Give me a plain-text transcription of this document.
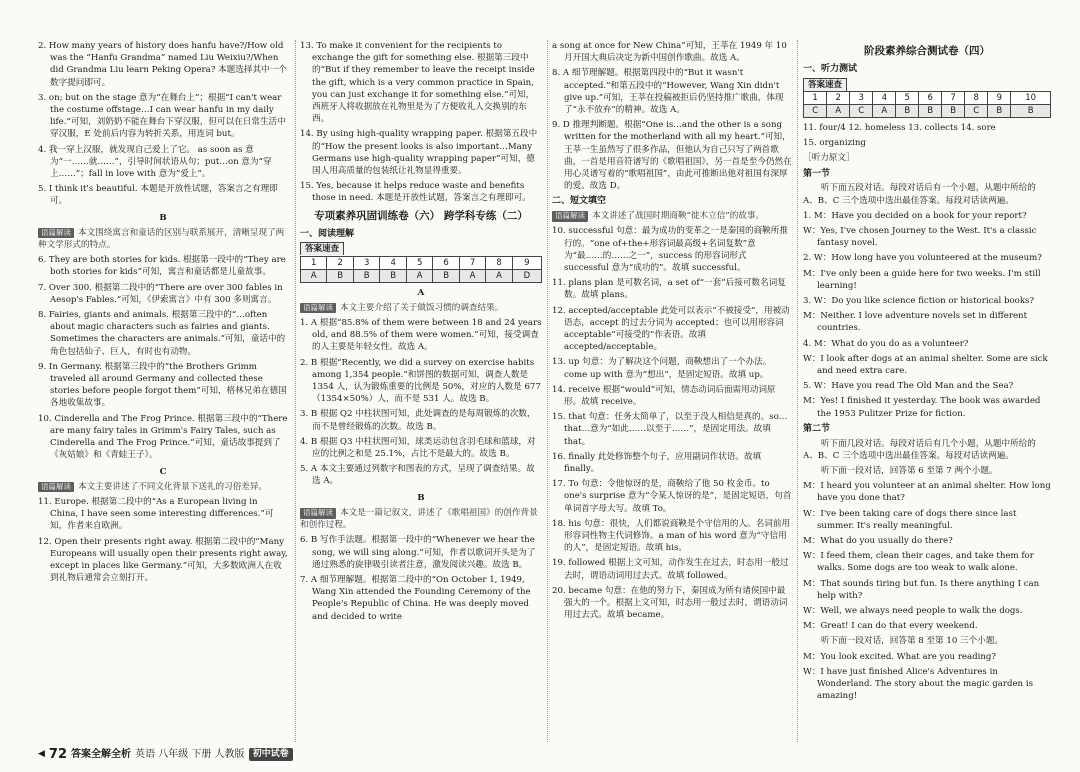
2. How many years of history does hanfu have?/How old was the “Hanfu Grandma” named Liu Weixiu?/When did Grandma Liu learn Peking Opera? 本题选择其中一个数字提问即可。

3. on; but on the stage 意为“在舞台上”；根据“I can't wear the costume offstage…I can wear hanfu in my daily life.”可知，刘奶奶不能在舞台下穿汉服，但可以在日常生活中穿汉服，E 处前后内容为转折关系，用连词 but。

4. 我一穿上汉服，就发现自己爱上了它。 as soon as 意为“一……就……”，引导时间状语从句；put…on 意为“穿上……”；fall in love with 意为“爱上”。

5. I think it's beautiful. 本题是开放性试题，答案言之有理即可。

B

语篇解读 本文围绕寓言和童话的区别与联系展开，清晰呈现了两种文学形式的特点。

6. They are both stories for kids. 根据第一段中的“They are both stories for kids”可知，寓言和童话都是儿童故事。

7. Over 300. 根据第二段中的“There are over 300 fables in Aesop's Fables.”可知，《伊索寓言》中有 300 多则寓言。

8. Fairies, giants and animals. 根据第三段中的“…often about magic characters such as fairies and giants. Sometimes the characters are animals.”可知，童话中的角色包括仙子、巨人，有时也有动物。

9. In Germany. 根据第三段中的“the Brothers Grimm traveled all around Germany and collected these stories before people forgot them”可知，格林兄弟在德国各地收集故事。

10. Cinderella and The Frog Prince. 根据第三段中的“There are many fairy tales in Grimm's Fairy Tales, such as Cinderella and The Frog Prince.”可知，童话故事提到了《灰姑娘》和《青蛙王子》。

C

语篇解读 本文主要讲述了不同文化背景下送礼的习俗差异。

11. Europe. 根据第二段中的“As a European living in China, I have seen some interesting differences.”可知，作者来自欧洲。

12. Open their presents right away. 根据第二段中的“Many Europeans will usually open their presents right away, except in places like Germany.”可知，大多数欧洲人在收到礼物后通常会立刻打开。

13. To make it convenient for the recipients to exchange the gift for something else. 根据第三段中的“But if they remember to leave the receipt inside the gift, which is a very common practice in Spain, you can just exchange it for something else.”可知，西班牙人将收据放在礼物里是为了方便收礼人交换别的东西。

14. By using high-quality wrapping paper. 根据第五段中的“How the present looks is also important…Many Germans use high-quality wrapping paper”可知，德国人用高质量的包装纸让礼物显得重要。

15. Yes, because it helps reduce waste and benefits those in need. 本题是开放性试题，答案言之有理即可。

专项素养巩固训练卷（六） 跨学科专练（二）
一、阅读理解
答案速查
1	2	3	4	5	6	7	8	9
A	B	B	B	A	B	A	A	D
A

语篇解读 本文主要介绍了关于做饭习惯的调查结果。

1. A 根据“85.8% of them were between 18 and 24 years old, and 88.5% of them were women.”可知，接受调查的人主要是年轻女性。故选 A。

2. B 根据“Recently, we did a survey on exercise habits among 1,354 people.”和饼图的数据可知，调查人数是 1354 人，认为锻炼重要的比例是 50%，对应的人数是 677（1354×50%）人，而不是 531 人。故选 B。

3. B 根据 Q2 中柱状图可知，此处调查的是每周锻炼的次数，而不是曾经锻炼的次数。故选 B。

4. B 根据 Q3 中柱状图可知，球类运动包含羽毛球和篮球，对应的比例之和是 25.1%，占比不是最大的。故选 B。

5. A 本文主要通过列数字和图表的方式，呈现了调查结果。故选 A。

B

语篇解读 本文是一篇记叙文，讲述了《歌唱祖国》的创作背景和创作过程。

6. B 写作手法题。根据第一段中的“Whenever we hear the song, we will sing along.”可知，作者以歌词开头是为了通过熟悉的旋律吸引读者注意，激发阅读兴趣。故选 B。

7. A 细节理解题。根据第二段中的“On October 1, 1949, Wang Xin attended the Founding Ceremony of the People's Republic of China. He was deeply moved and decided to write

a song at once for New China”可知，王莘在 1949 年 10 月开国大典后决定为新中国创作歌曲。故选 A。

8. A 细节理解题。根据第四段中的“But it wasn't accepted.”和第五段中的“However, Wang Xin didn't give up.”可知，王莘在投稿被拒后仍坚持推广歌曲，体现了“永不放弃”的精神。故选 A。

9. D 推理判断题。根据“One is…and the other is a song written for the motherland with all my heart.”可知，王莘一生虽然写了很多作品，但他认为自己只写了两首歌曲，一首是用音符谱写的《歌唱祖国》，另一首是至今仍然在用心灵谱写着的“歌唱祖国”，由此可推断出他对祖国有深厚的爱。故选 D。

二、短文填空

语篇解读 本文讲述了战国时期商鞅“徙木立信”的故事。

10. successful 句意：最为成功的变革之一是秦国的商鞅所推行的。“one of+the+形容词最高级+名词复数”意为“最……的……之一”，success 的形容词形式 successful 意为“成功的”。故填 successful。

11. plans plan 是可数名词，a set of“一套”后接可数名词复数。故填 plans。

12. accepted/acceptable 此处可以表示“不被接受”，用被动语态，accept 的过去分词为 accepted；也可以用形容词 acceptable“可接受的”作表语。故填 accepted/acceptable。

13. up 句意：为了解决这个问题，商鞅想出了一个办法。come up with 意为“想出”，是固定短语。故填 up。

14. receive 根据“would”可知，情态动词后面需用动词原形。故填 receive。

15. that 句意：任务太简单了，以至于没人相信是真的。so…that…意为“如此……以至于……”，是固定用法。故填 that。

16. finally 此处修饰整个句子，应用副词作状语。故填 finally。

17. To 句意：令他惊讶的是，商鞅给了他 50 枚金币。to one's surprise 意为“令某人惊讶的是”，是固定短语，句首单词首字母大写。故填 To。

18. his 句意：很快，人们都说商鞅是个守信用的人。名词前用形容词性物主代词修饰。a man of his word 意为“守信用的人”，是固定短语。故填 his。

19. followed 根据上文可知，动作发生在过去，时态用一般过去时，谓语动词用过去式。故填 followed。

20. became 句意：在他的努力下，秦国成为所有诸侯国中最强大的一个。根据上文可知，时态用一般过去时，谓语动词用过去式。故填 became。

阶段素养综合测试卷（四）
一、听力测试
答案速查
1	2	3	4	5	6	7	8	9	10
C	A	C	A	B	B	B	C	B	B

11. four/4 12. homeless 13. collects 14. sore

15. organizing

［听力原文］

第一节

听下面五段对话。每段对话后有一个小题，从题中所给的 A、B、C 三个选项中选出最佳答案。每段对话读两遍。

1. M：Have you decided on a book for your report?

W：Yes, I've chosen Journey to the West. It's a classic fantasy novel.

2. W：How long have you volunteered at the museum?

M：I've only been a guide here for two weeks. I'm still learning!

3. W：Do you like science fiction or historical books?

M：Neither. I love adventure novels set in different countries.

4. M：What do you do as a volunteer?

W：I look after dogs at an animal shelter. Some are sick and need extra care.

5. W：Have you read The Old Man and the Sea?

M：Yes! I finished it yesterday. The book was awarded the 1953 Pulitzer Prize for fiction.

第二节

听下面几段对话。每段对话后有几个小题，从题中所给的 A、B、C 三个选项中选出最佳答案。每段对话读两遍。

听下面一段对话，回答第 6 至第 7 两个小题。

M：I heard you volunteer at an animal shelter. How long have you done that?

W：I've been taking care of dogs there since last summer. It's really meaningful.

M：What do you usually do there?

W：I feed them, clean their cages, and take them for walks. Some dogs are too weak to walk alone.

M：That sounds tiring but fun. Is there anything I can help with?

W：Well, we always need people to walk the dogs.

M：Great! I can do that every weekend.

听下面一段对话，回答第 8 至第 10 三个小题。

M：You look excited. What are you reading?

W：I have just finished Alice's Adventures in Wonderland. The story about the magic garden is amazing!

◀ 72 答案全解全析 英语 八年级 下册 人教版 初中试卷
